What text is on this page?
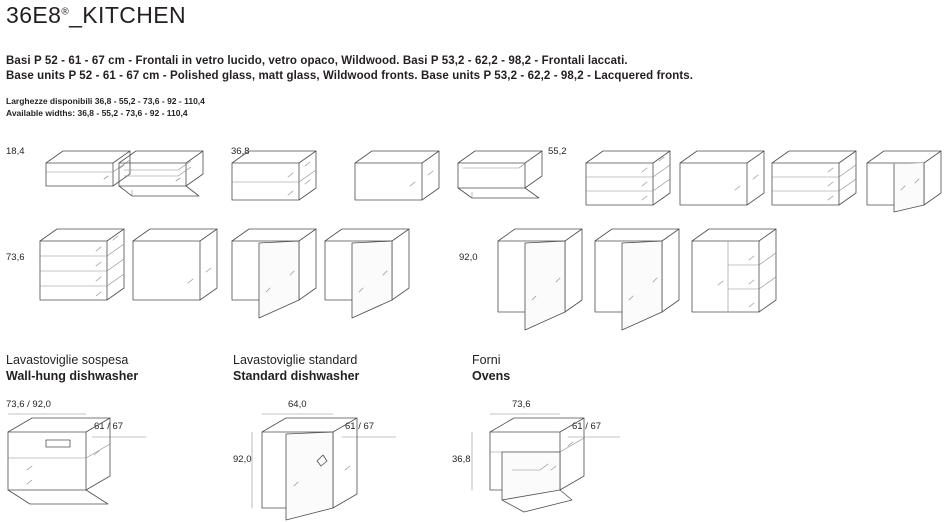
36E8®_KITCHEN
Basi P 52 - 61 - 67 cm - Frontali in vetro lucido, vetro opaco, Wildwood. Basi P 53,2 - 62,2 - 98,2 - Frontali laccati.
Base units P 52 - 61 - 67 cm - Polished glass, matt glass, Wildwood fronts. Base units P 53,2 - 62,2 - 98,2 - Lacquered fronts.
Larghezze disponibili 36,8 - 55,2 - 73,6 - 92 - 110,4
Available widths: 36,8 - 55,2 - 73,6 - 92 - 110,4
18,4	36,8	55,2
73,6	92,0
Lavastoviglie sospesa
Wall-hung dishwasher
Lavastoviglie standard
Standard dishwasher
Forni
Ovens
73,6 / 92,0
61 / 67
64,0
61 / 67
92,0
73,6
61 / 67
36,8
